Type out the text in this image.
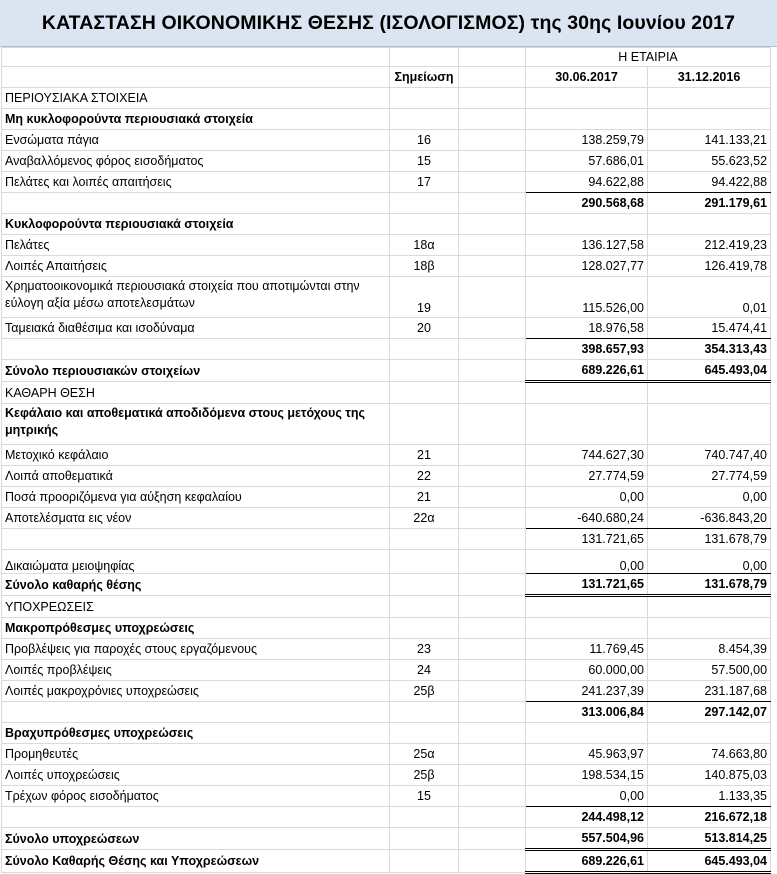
ΚΑΤΑΣΤΑΣΗ ΟΙΚΟΝΟΜΙΚΗΣ ΘΕΣΗΣ (ΙΣΟΛΟΓΙΣΜΟΣ) της 30ης Ιουνίου 2017
			Η ΕΤΑΙΡΙΑ	
	Σημείωση		30.06.2017	31.12.2016
ΠΕΡΙΟΥΣΙΑΚΑ ΣΤΟΙΧΕΙΑ				
Μη κυκλοφορούντα περιουσιακά στοιχεία				
Ενσώματα πάγια	16		138.259,79	141.133,21
Αναβαλλόμενος φόρος εισοδήματος	15		57.686,01	55.623,52
Πελάτες και λοιπές απαιτήσεις	17		94.622,88	94.422,88
			290.568,68	291.179,61
Κυκλοφορούντα περιουσιακά στοιχεία				
Πελάτες	18α		136.127,58	212.419,23
Λοιπές Απαιτήσεις	18β		128.027,77	126.419,78
Χρηματοοικονομικά περιουσιακά στοιχεία που αποτιμώνται στην εύλογη αξία μέσω αποτελεσμάτων	19		115.526,00	0,01
Ταμειακά διαθέσιμα και ισοδύναμα	20		18.976,58	15.474,41
			398.657,93	354.313,43
Σύνολο περιουσιακών στοιχείων			689.226,61	645.493,04
ΚΑΘΑΡΗ ΘΕΣΗ				
Κεφάλαιο και αποθεματικά αποδιδόμενα στους μετόχους της μητρικής				
Μετοχικό κεφάλαιο	21		744.627,30	740.747,40
Λοιπά αποθεματικά	22		27.774,59	27.774,59
Ποσά προοριζόμενα για αύξηση κεφαλαίου	21		0,00	0,00
Αποτελέσματα εις νέον	22α		-640.680,24	-636.843,20
			131.721,65	131.678,79
Δικαιώματα μειοψηφίας			0,00	0,00
Σύνολο καθαρής θέσης			131.721,65	131.678,79
ΥΠΟΧΡΕΩΣΕΙΣ				
Μακροπρόθεσμες υποχρεώσεις				
Προβλέψεις για παροχές στους εργαζόμενους	23		11.769,45	8.454,39
Λοιπές προβλέψεις	24		60.000,00	57.500,00
Λοιπές μακροχρόνιες υποχρεώσεις	25β		241.237,39	231.187,68
			313.006,84	297.142,07
Βραχυπρόθεσμες υποχρεώσεις				
Προμηθευτές	25α		45.963,97	74.663,80
Λοιπές υποχρεώσεις	25β		198.534,15	140.875,03
Τρέχων φόρος εισοδήματος	15		0,00	1.133,35
			244.498,12	216.672,18
Σύνολο υποχρεώσεων			557.504,96	513.814,25
Σύνολο Καθαρής Θέσης και Υποχρεώσεων			689.226,61	645.493,04
